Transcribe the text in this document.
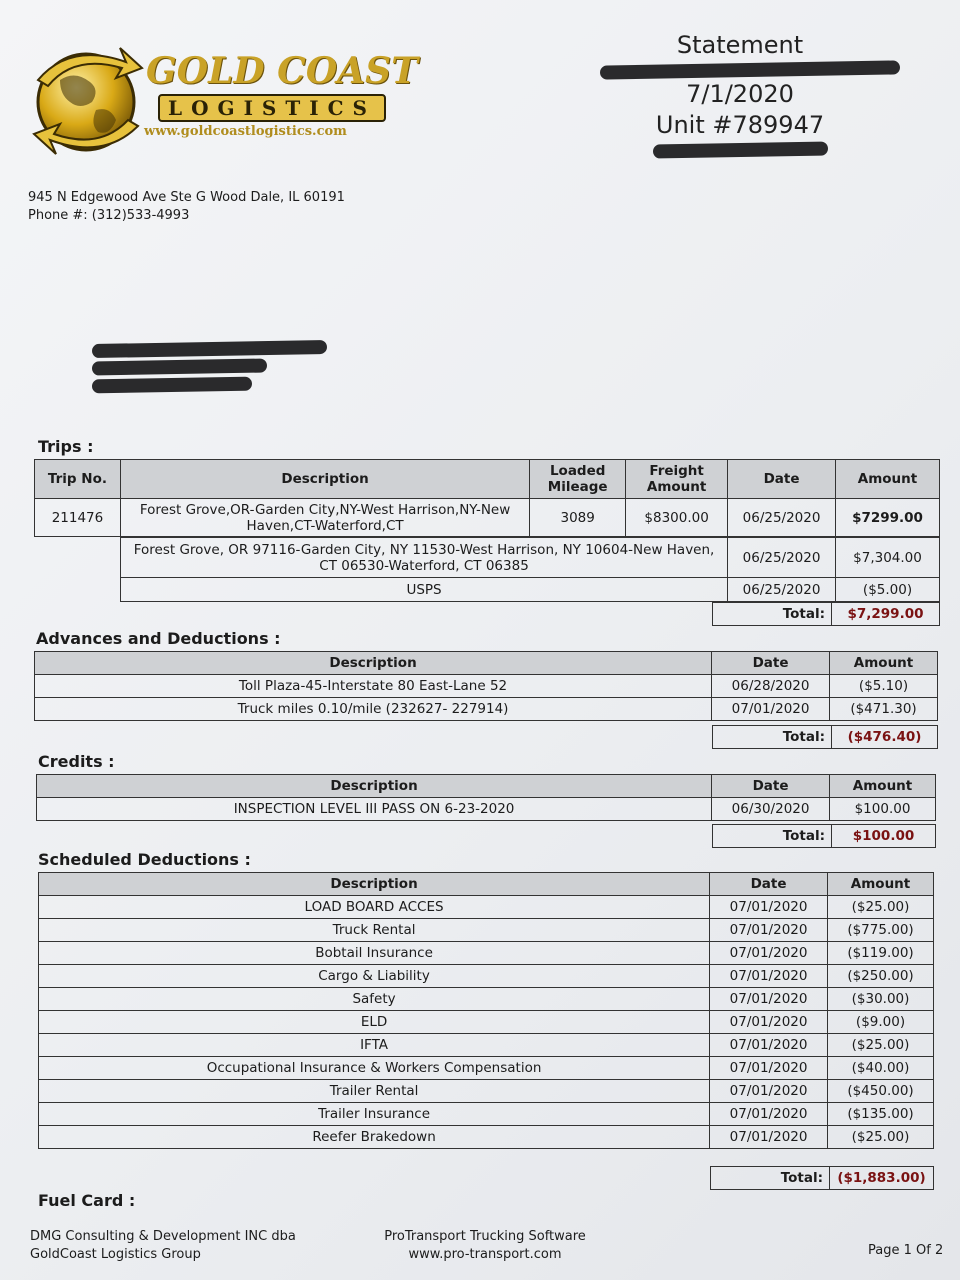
GOLD COAST
LOGISTICS
www.goldcoastlogistics.com
Statement
7/1/2020
Unit #789947
945 N Edgewood Ave Ste G Wood Dale, IL 60191
Phone #: (312)533-4993
Trips :
Trip No.	Description	Loaded Mileage	Freight Amount	Date	Amount
211476	Forest Grove,OR-Garden City,NY-West Harrison,NY-New Haven,CT-Waterford,CT	3089	$8300.00	06/25/2020	$7299.00
Forest Grove, OR 97116-Garden City, NY 11530-West Harrison, NY 10604-New Haven, CT 06530-Waterford, CT 06385	06/25/2020	$7,304.00
USPS	06/25/2020	($5.00)
Total:	$7,299.00
Advances and Deductions :
Description	Date	Amount
Toll Plaza-45-Interstate 80 East-Lane 52	06/28/2020	($5.10)
Truck miles 0.10/mile (232627- 227914)	07/01/2020	($471.30)
Total:	($476.40)
Credits :
Description	Date	Amount
INSPECTION LEVEL III PASS ON 6-23-2020	06/30/2020	$100.00
Total:	$100.00
Scheduled Deductions :
Description	Date	Amount
LOAD BOARD ACCES	07/01/2020	($25.00)
Truck Rental	07/01/2020	($775.00)
Bobtail Insurance	07/01/2020	($119.00)
Cargo & Liability	07/01/2020	($250.00)
Safety	07/01/2020	($30.00)
ELD	07/01/2020	($9.00)
IFTA	07/01/2020	($25.00)
Occupational Insurance & Workers Compensation	07/01/2020	($40.00)
Trailer Rental	07/01/2020	($450.00)
Trailer Insurance	07/01/2020	($135.00)
Reefer Brakedown	07/01/2020	($25.00)
Total:	($1,883.00)
Fuel Card :
DMG Consulting & Development INC dba
GoldCoast Logistics Group
ProTransport Trucking Software
www.pro-transport.com	Page 1 Of 2
